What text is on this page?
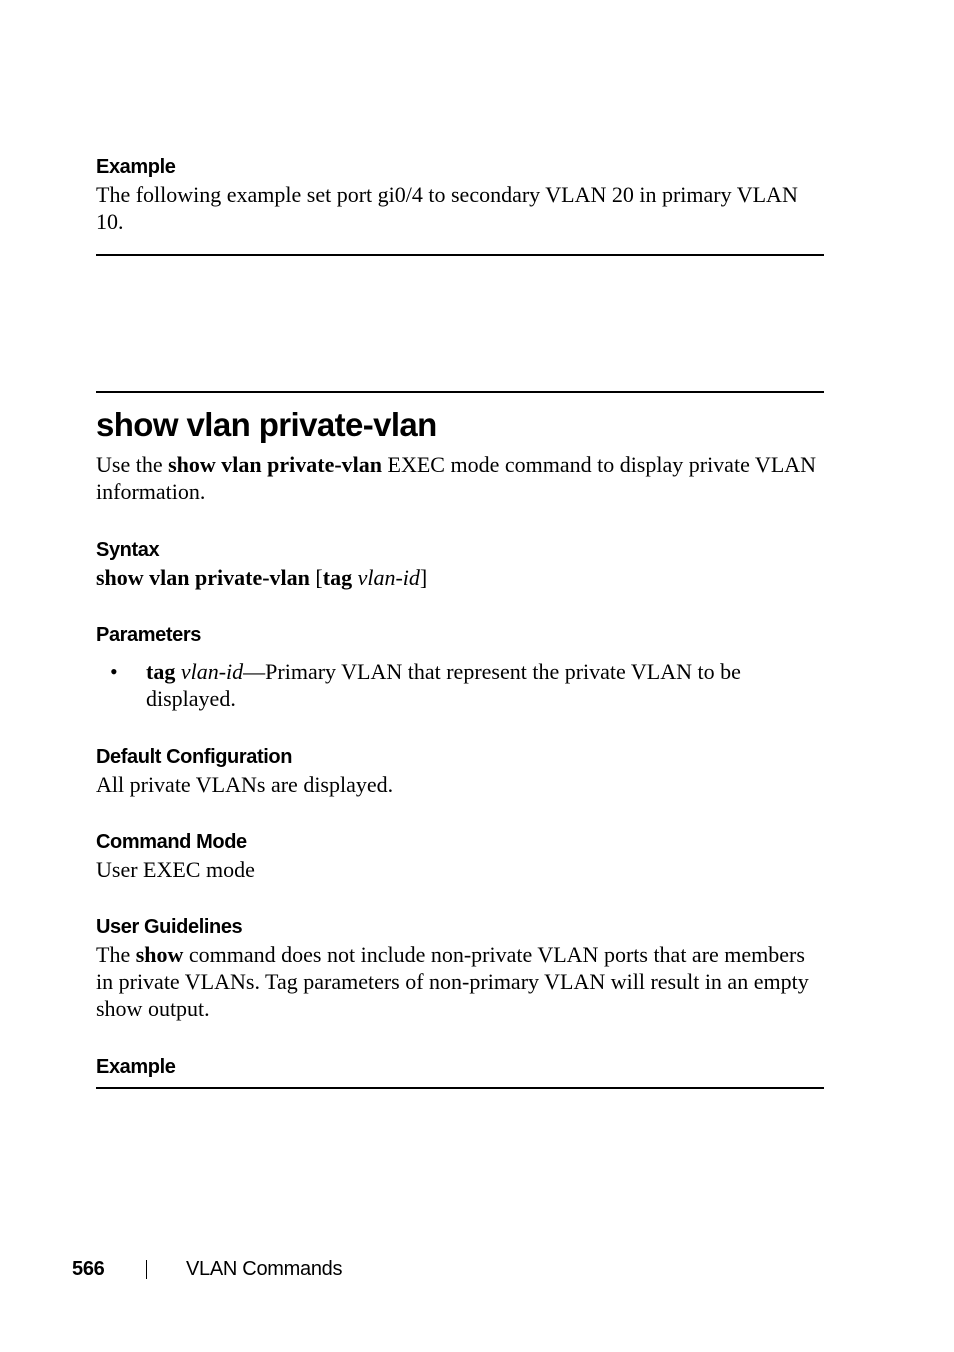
Example
The following example set port gi0/4 to secondary VLAN 20 in primary VLAN 10.
show vlan private-vlan
Use the show vlan private-vlan EXEC mode command to display private VLAN information.
Syntax
show vlan private-vlan [tag vlan-id]
Parameters
• tag vlan-id—Primary VLAN that represent the private VLAN to be displayed.
Default Configuration
All private VLANs are displayed.
Command Mode
User EXEC mode
User Guidelines
The show command does not include non-private VLAN ports that are members in private VLANs. Tag parameters of non-primary VLAN will result in an empty show output.
Example
566	VLAN Commands
